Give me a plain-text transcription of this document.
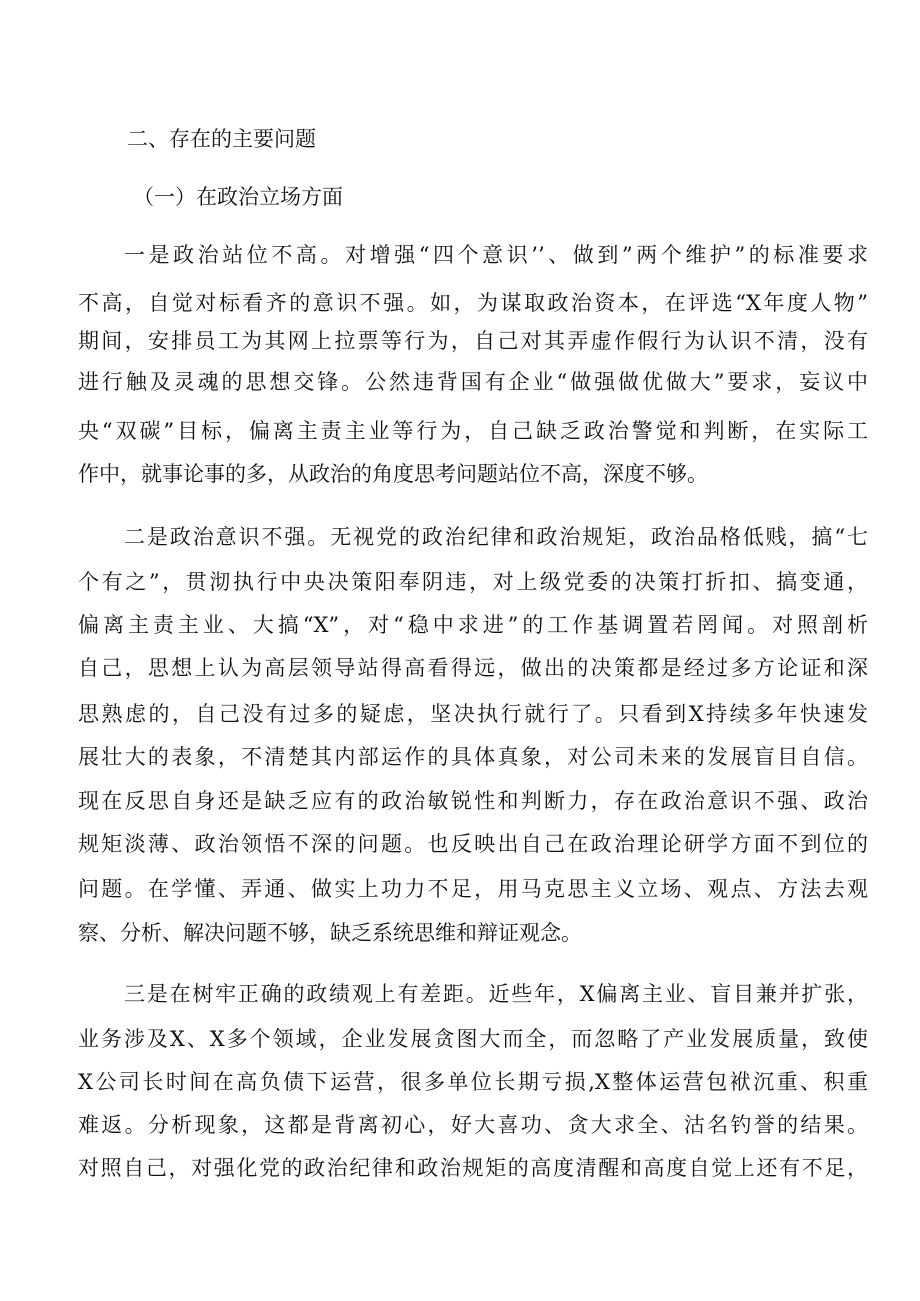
二、存在的主要问题
（一）在政治立场方面
一是政治站位不高。对增强“四个意识’’、做到”两个维护”的标准要求
不高，自觉对标看齐的意识不强。如，为谋取政治资本，在评选“X年度人物”
期间，安排员工为其网上拉票等行为，自己对其弄虚作假行为认识不清，没有
进行触及灵魂的思想交锋。公然违背国有企业“做强做优做大”要求，妄议中
央“双碳”目标，偏离主责主业等行为，自己缺乏政治警觉和判断，在实际工
作中，就事论事的多，从政治的角度思考问题站位不高，深度不够。
二是政治意识不强。无视党的政治纪律和政治规矩，政治品格低贱，搞“七
个有之”，贯沏执行中央决策阳奉阴违，对上级党委的决策打折扣、搞变通，
偏离主责主业、大搞“X”，对“稳中求进”的工作基调置若罔闻。对照剖析
自己，思想上认为高层领导站得高看得远，做出的决策都是经过多方论证和深
思熟虑的，自己没有过多的疑虑，坚决执行就行了。只看到X持续多年快速发
展壮大的表象，不清楚其内部运作的具体真象，对公司未来的发展盲目自信。
现在反思自身还是缺乏应有的政治敏锐性和判断力，存在政治意识不强、政治
规矩淡薄、政治领悟不深的问题。也反映出自己在政治理论研学方面不到位的
问题。在学懂、弄通、做实上功力不足，用马克思主义立场、观点、方法去观
察、分析、解决问题不够，缺乏系统思维和辩证观念。
三是在树牢正确的政绩观上有差距。近些年，X偏离主业、盲目兼并扩张，
业务涉及X、X多个领域，企业发展贪图大而全，而忽略了产业发展质量，致使
X公司长时间在高负债下运营，很多单位长期亏损,X整体运营包袱沉重、积重
难返。分析现象，这都是背离初心，好大喜功、贪大求全、沽名钓誉的结果。
对照自己，对强化党的政治纪律和政治规矩的高度清醒和高度自觉上还有不足，
